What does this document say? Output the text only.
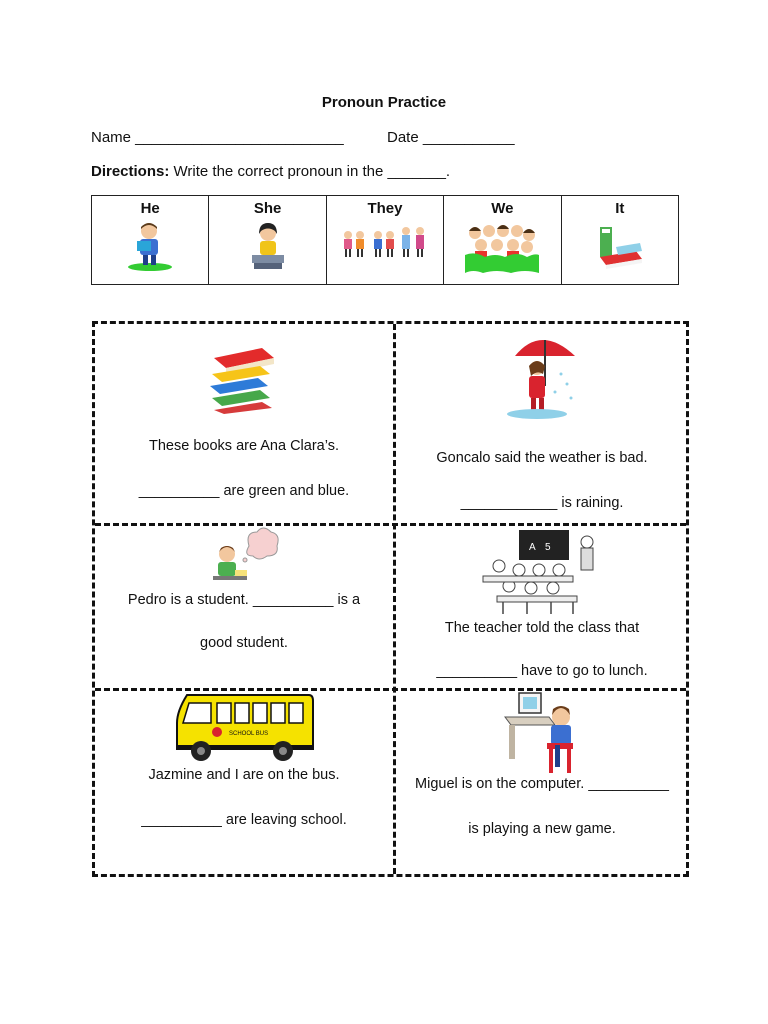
Pronoun Practice
Name _________________________	Date ___________
Directions: Write the correct pronoun in the _______.
He	She	They	We	It
These books are Ana Clara’s.
__________ are green and blue.
Goncalo said the weather is bad.
____________ is raining.
Pedro is a student. __________ is a
good student.
A 5
The teacher told the class that
__________ have to go to lunch.
SCHOOL BUS
Jazmine and I are on the bus.
__________ are leaving school.
Miguel is on the computer. __________
is playing a new game.
